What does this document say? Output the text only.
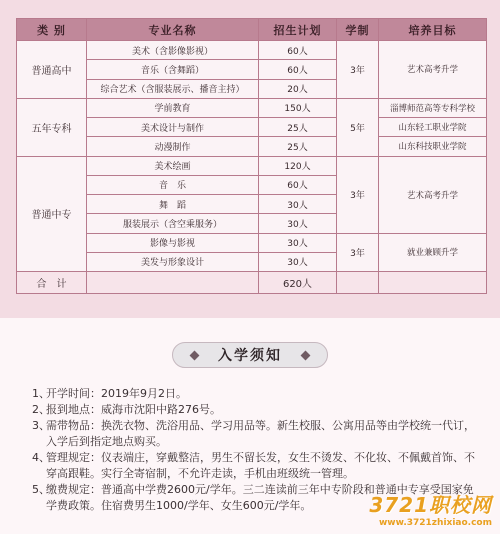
类 别	专业名称	招生计划	学制	培养目标
普通高中	美术（含影像影视）	60人	3年	艺术高考升学
	音乐（含舞蹈）	60人		
	综合艺术（含服装展示、播音主持）	20人		
五年专科	学前教育	150人	5年	淄博师范高等专科学校
	美术设计与制作	25人		山东轻工职业学院
	动漫制作	25人		山东科技职业学院
普通中专	美术绘画	120人	3年	艺术高考升学
	音　乐	60人		
	舞　蹈	30人		
	服装展示（含空乘服务）	30人		
	影像与影视	30人	3年	就业兼顾升学
	美发与形象设计	30人		
合　计		620人		
入学须知
1、
开学时间：2019年9月2日。
2、
报到地点：威海市沈阳中路276号。
3、
需带物品：换洗衣物、洗浴用品、学习用品等。新生校服、公寓用品等由学校统一代订，入学后到指定地点购买。
4、
管理规定：仪表端庄，穿戴整洁，男生不留长发，女生不烫发、不化妆、不佩戴首饰、不穿高跟鞋。实行全寄宿制，不允许走读，手机由班级统一管理。
5、
缴费规定：普通高中学费2600元/学年。三二连读前三年中专阶段和普通中专享受国家免学费政策。住宿费男生1000/学年、女生600元/学年。	3721职校网
www.3721zhixiao.com
